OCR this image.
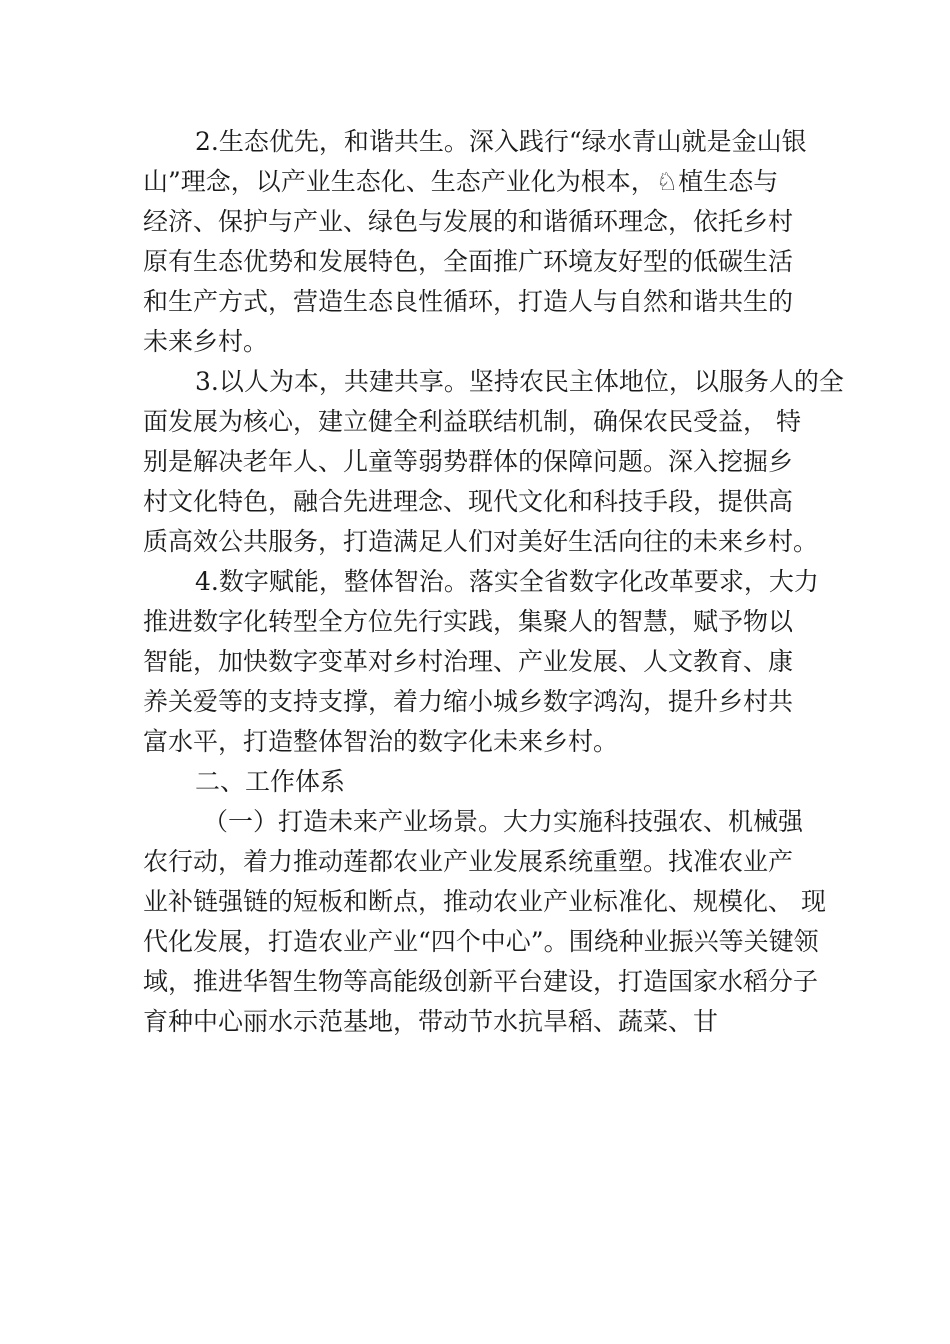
2.生态优先，和谐共生。深入践行“绿水青山就是金山银
山”理念，以产业生态化、生态产业化为根本，♘植生态与
经济、保护与产业、绿色与发展的和谐循环理念，依托乡村
原有生态优势和发展特色，全面推广环境友好型的低碳生活
和生产方式，营造生态良性循环，打造人与自然和谐共生的
未来乡村。
3.以人为本，共建共享。坚持农民主体地位，以服务人的全
面发展为核心，建立健全利益联结机制，确保农民受益， 特
别是解决老年人、儿童等弱势群体的保障问题。深入挖掘乡
村文化特色，融合先进理念、现代文化和科技手段，提供高
质高效公共服务，打造满足人们对美好生活向往的未来乡村。
4.数字赋能，整体智治。落实全省数字化改革要求，大力
推进数字化转型全方位先行实践，集聚人的智慧，赋予物以
智能，加快数字变革对乡村治理、产业发展、人文教育、康
养关爱等的支持支撑，着力缩小城乡数字鸿沟，提升乡村共
富水平，打造整体智治的数字化未来乡村。
二、工作体系
（一）打造未来产业场景。大力实施科技强农、机械强
农行动，着力推动莲都农业产业发展系统重塑。找准农业产
业补链强链的短板和断点，推动农业产业标准化、规模化、 现
代化发展，打造农业产业“四个中心”。围绕种业振兴等关键领
域，推进华智生物等高能级创新平台建设，打造国家水稻分子
育种中心丽水示范基地，带动节水抗旱稻、蔬菜、甘
